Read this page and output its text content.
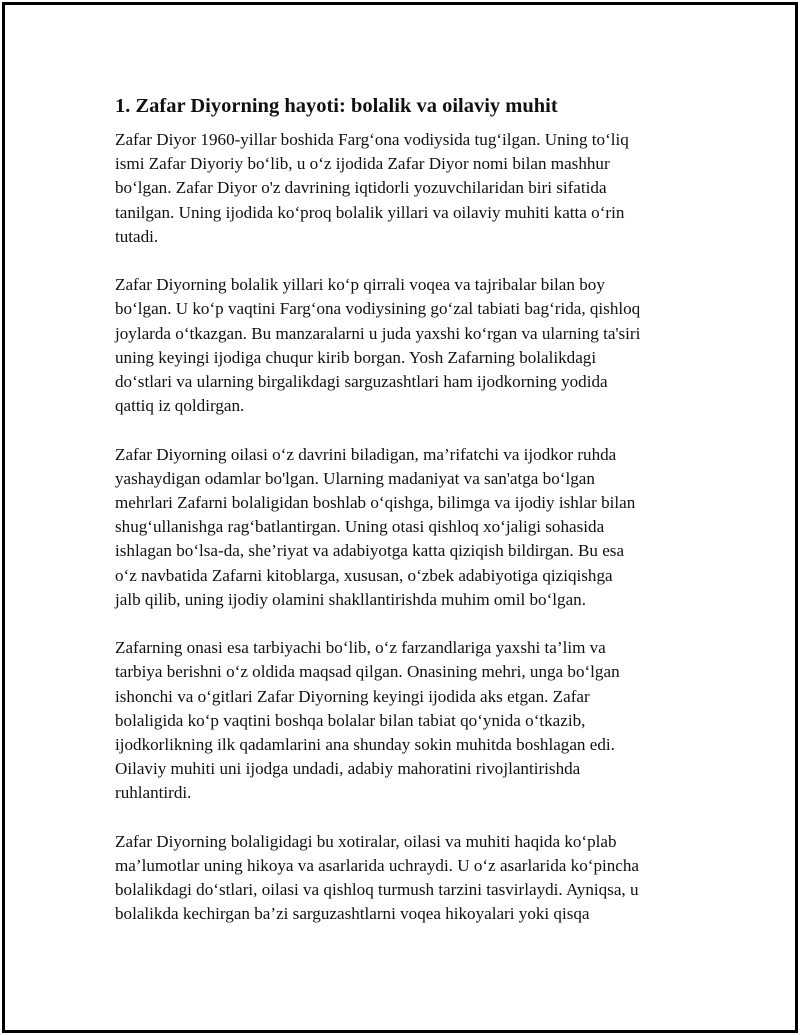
1. Zafar Diyorning hayoti: bolalik va oilaviy muhit
Zafar Diyor 1960-yillar boshida Farg‘ona vodiysida tug‘ilgan. Uning to‘liq
ismi Zafar Diyoriy bo‘lib, u o‘z ijodida Zafar Diyor nomi bilan mashhur
bo‘lgan. Zafar Diyor o'z davrining iqtidorli yozuvchilaridan biri sifatida
tanilgan. Uning ijodida ko‘proq bolalik yillari va oilaviy muhiti katta o‘rin
tutadi.
Zafar Diyorning bolalik yillari ko‘p qirrali voqea va tajribalar bilan boy
bo‘lgan. U ko‘p vaqtini Farg‘ona vodiysining go‘zal tabiati bag‘rida, qishloq
joylarda o‘tkazgan. Bu manzaralarni u juda yaxshi ko‘rgan va ularning ta'siri
uning keyingi ijodiga chuqur kirib borgan. Yosh Zafarning bolalikdagi
do‘stlari va ularning birgalikdagi sarguzashtlari ham ijodkorning yodida
qattiq iz qoldirgan.
Zafar Diyorning oilasi o‘z davrini biladigan, ma’rifatchi va ijodkor ruhda
yashaydigan odamlar bo'lgan. Ularning madaniyat va san'atga bo‘lgan
mehrlari Zafarni bolaligidan boshlab o‘qishga, bilimga va ijodiy ishlar bilan
shug‘ullanishga rag‘batlantirgan. Uning otasi qishloq xo‘jaligi sohasida
ishlagan bo‘lsa-da, she’riyat va adabiyotga katta qiziqish bildirgan. Bu esa
o‘z navbatida Zafarni kitoblarga, xususan, o‘zbek adabiyotiga qiziqishga
jalb qilib, uning ijodiy olamini shakllantirishda muhim omil bo‘lgan.
Zafarning onasi esa tarbiyachi bo‘lib, o‘z farzandlariga yaxshi ta’lim va
tarbiya berishni o‘z oldida maqsad qilgan. Onasining mehri, unga bo‘lgan
ishonchi va o‘gitlari Zafar Diyorning keyingi ijodida aks etgan. Zafar
bolaligida ko‘p vaqtini boshqa bolalar bilan tabiat qo‘ynida o‘tkazib,
ijodkorlikning ilk qadamlarini ana shunday sokin muhitda boshlagan edi.
Oilaviy muhiti uni ijodga undadi, adabiy mahoratini rivojlantirishda
ruhlantirdi.
Zafar Diyorning bolaligidagi bu xotiralar, oilasi va muhiti haqida ko‘plab
ma’lumotlar uning hikoya va asarlarida uchraydi. U o‘z asarlarida ko‘pincha
bolalikdagi do‘stlari, oilasi va qishloq turmush tarzini tasvirlaydi. Ayniqsa, u
bolalikda kechirgan ba’zi sarguzashtlarni voqea hikoyalari yoki qisqa
